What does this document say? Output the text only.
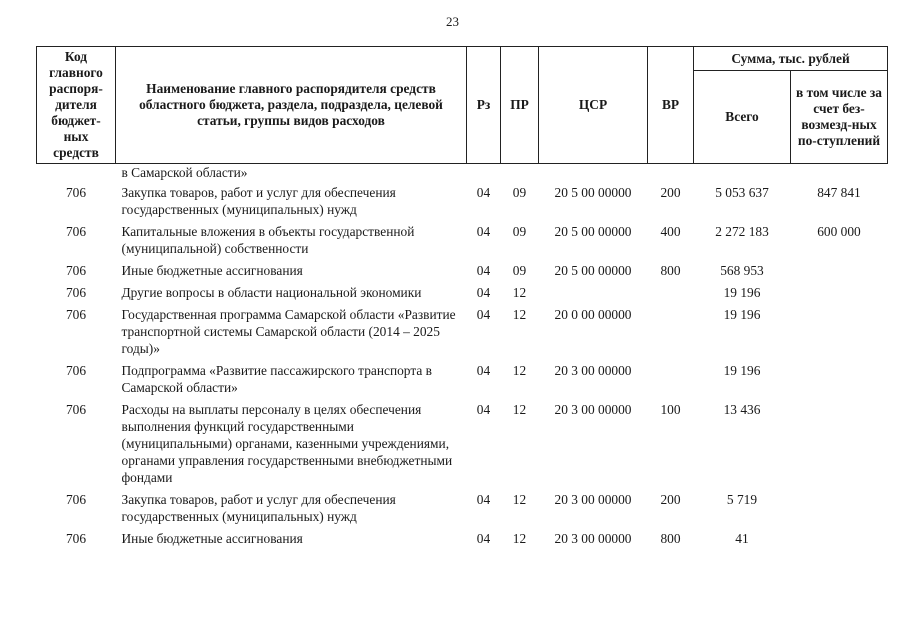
23
Код главного распоря-дителя бюджет-ных средств	Наименование главного распорядителя средств областного бюджета, раздела, подраздела, целевой статьи, группы видов расходов	Рз	ПР	ЦСР	ВР	Сумма, тыс. рублей	
						Всего	в том числе за счет без-возмезд-ных по-ступлений
	в Самарской области»						
706	Закупка товаров, работ и услуг для обеспечения государственных (муниципальных) нужд	04	09	20 5 00 00000	200	5 053 637	847 841
706	Капитальные вложения в объекты государственной (муниципальной) собственности	04	09	20 5 00 00000	400	2 272 183	600 000
706	Иные бюджетные ассигнования	04	09	20 5 00 00000	800	568 953	
706	Другие вопросы в области национальной экономики	04	12			19 196	
706	Государственная программа Самарской области «Развитие транспортной системы Самарской области (2014 – 2025 годы)»	04	12	20 0 00 00000		19 196	
706	Подпрограмма «Развитие пассажирского транспорта в Самарской области»	04	12	20 3 00 00000		19 196	
706	Расходы на выплаты персоналу в целях обеспечения выполнения функций государственными (муниципальными) органами, казенными учреждениями, органами управления государственными внебюджетными фондами	04	12	20 3 00 00000	100	13 436	
706	Закупка товаров, работ и услуг для обеспечения государственных (муниципальных) нужд	04	12	20 3 00 00000	200	5 719	
706	Иные бюджетные ассигнования	04	12	20 3 00 00000	800	41	
